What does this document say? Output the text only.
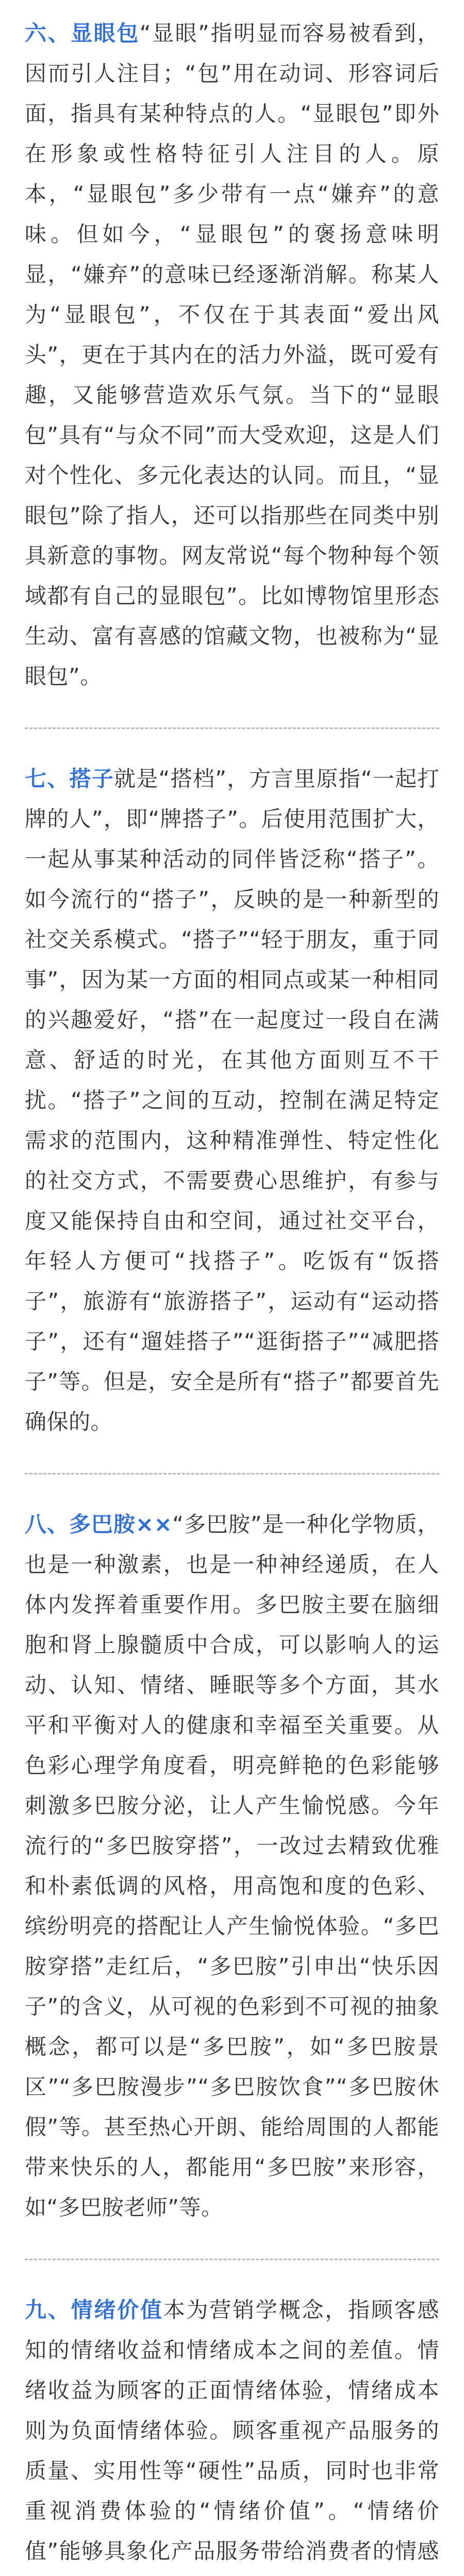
六、显眼包“显眼”指明显而容易被看到，因而引人注目；“包”用在动词、形容词后面，指具有某种特点的人。“显眼包”即外在形象或性格特征引人注目的人。原本，“显眼包”多少带有一点“嫌弃”的意味。但如今，“显眼包”的褒扬意味明显，“嫌弃”的意味已经逐渐消解。称某人为“显眼包”，不仅在于其表面“爱出风头”，更在于其内在的活力外溢，既可爱有趣，又能够营造欢乐气氛。当下的“显眼包”具有“与众不同”而大受欢迎，这是人们对个性化、多元化表达的认同。而且，“显眼包”除了指人，还可以指那些在同类中别具新意的事物。网友常说“每个物种每个领域都有自己的显眼包”。比如博物馆里形态生动、富有喜感的馆藏文物，也被称为“显眼包”。

七、搭子就是“搭档”，方言里原指“一起打牌的人”，即“牌搭子”。后使用范围扩大，一起从事某种活动的同伴皆泛称“搭子”。如今流行的“搭子”，反映的是一种新型的社交关系模式。“搭子”“轻于朋友，重于同事”，因为某一方面的相同点或某一种相同的兴趣爱好，“搭”在一起度过一段自在满意、舒适的时光，在其他方面则互不干扰。“搭子”之间的互动，控制在满足特定需求的范围内，这种精准弹性、特定性化的社交方式，不需要费心思维护，有参与度又能保持自由和空间，通过社交平台，年轻人方便可“找搭子”。吃饭有“饭搭子”，旅游有“旅游搭子”，运动有“运动搭子”，还有“遛娃搭子”“逛街搭子”“减肥搭子”等。但是，安全是所有“搭子”都要首先确保的。

八、多巴胺××“多巴胺”是一种化学物质，也是一种激素，也是一种神经递质，在人体内发挥着重要作用。多巴胺主要在脑细胞和肾上腺髓质中合成，可以影响人的运动、认知、情绪、睡眠等多个方面，其水平和平衡对人的健康和幸福至关重要。从色彩心理学角度看，明亮鲜艳的色彩能够刺激多巴胺分泌，让人产生愉悦感。今年流行的“多巴胺穿搭”，一改过去精致优雅和朴素低调的风格，用高饱和度的色彩、缤纷明亮的搭配让人产生愉悦体验。“多巴胺穿搭”走红后，“多巴胺”引申出“快乐因子”的含义，从可视的色彩到不可视的抽象概念，都可以是“多巴胺”，如“多巴胺景区”“多巴胺漫步”“多巴胺饮食”“多巴胺休假”等。甚至热心开朗、能给周围的人都能带来快乐的人，都能用“多巴胺”来形容，如“多巴胺老师”等。

九、情绪价值本为营销学概念，指顾客感知的情绪收益和情绪成本之间的差值。情绪收益为顾客的正面情绪体验，情绪成本则为负面情绪体验。顾客重视产品服务的质量、实用性等“硬性”品质，同时也非常重视消费体验的“情绪价值”。“情绪价值”能够具象化产品服务带给消费者的情感
